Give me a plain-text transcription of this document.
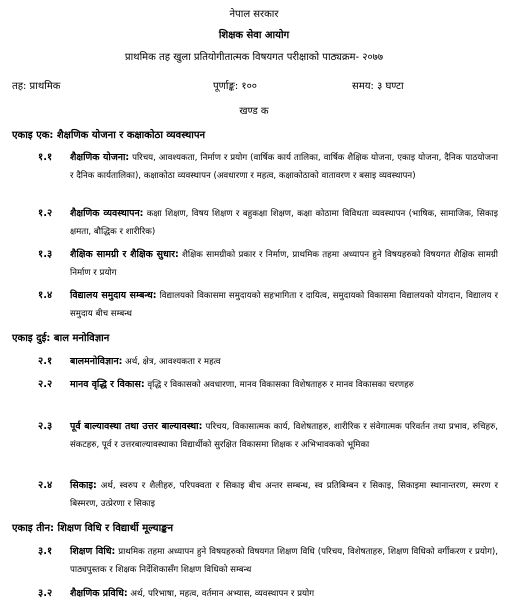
नेपाल सरकार
शिक्षक सेवा आयोग
प्राथमिक तह खुला प्रतियोगीतात्मक विषयगत परीक्षाको पाठ्यक्रम- २०७७
तह: प्राथमिक	पूर्णाङ्क: १००	समय: ३ घण्टा
खण्ड क
एकाइ एक: शैक्षणिक योजना र कक्षाकोठा व्यवस्थापन
१.१ शैक्षणिक योजना: परिचय, आवश्यकता, निर्माण र प्रयोग (वार्षिक कार्य तालिका, वार्षिक शैक्षिक योजना, एकाइ योजना, दैनिक पाठयोजना र दैनिक कार्यतालिका), कक्षाकोठा व्यवस्थापन (अवधारणा र महत्व, कक्षाकोठाको वातावरण र बसाइ व्यवस्थापन)
१.२ शैक्षणिक व्यवस्थापन: कक्षा शिक्षण, विषय शिक्षण र बहुकक्षा शिक्षण, कक्षा कोठामा विविधता व्यवस्थापन (भाषिक, सामाजिक, सिकाइ क्षमता, बौद्धिक र शारीरिक)
१.३ शैक्षिक सामग्री र शैक्षिक सुधार: शैक्षिक सामग्रीको प्रकार र निर्माण, प्राथमिक तहमा अध्यापन हुने विषयहरुको विषयगत शैक्षिक सामग्री निर्माण र प्रयोग
१.४ विद्यालय समुदाय सम्बन्ध: विद्यालयको विकासमा समुदायको सहभागिता र दायित्व, समुदायको विकासमा विद्यालयको योगदान, विद्यालय र समुदाय बीच सम्बन्ध
एकाइ दुई: बाल मनोविज्ञान
२.१ बालमनोविज्ञान: अर्थ, क्षेत्र, आवश्यकता र महत्व
२.२ मानव वृद्धि र विकास: वृद्धि र विकासको अवधारणा, मानव विकासका विशेषताहरु र मानव विकासका चरणहरु
२.३ पूर्व बाल्यावस्था तथा उत्तर बाल्यावस्था: परिचय, विकासात्मक कार्य, विशेषताहरु, शारीरिक र संवेगात्मक परिवर्तन तथा प्रभाव, रुचिहरु, संकटहरु, पूर्व र उत्तरबाल्यावस्थाका विद्यार्थीको सुरक्षित विकासमा शिक्षक र अभिभावकको भूमिका
२.४ सिकाइ: अर्थ, स्वरुप र शैलीहरु, परिपक्वता र सिकाइ बीच अन्तर सम्बन्ध, स्व प्रतिबिम्बन र सिकाइ, सिकाइमा स्थानान्तरण, स्मरण र बिस्मरण, उत्प्रेरणा र सिकाइ
एकाइ तीन: शिक्षण विधि र विद्यार्थी मूल्याङ्कन
३.१ शिक्षण विधि: प्राथमिक तहमा अध्यापन हुने विषयहरुको विषयगत शिक्षण विधि (परिचय, विशेषताहरु, शिक्षण विधिको वर्गीकरण र प्रयोग), पाठ्यपुस्तक र शिक्षक निर्देशिकासँग शिक्षण विधिको सम्बन्ध
३.२ शैक्षणिक प्रविधि: अर्थ, परिभाषा, महत्व, वर्तमान अभ्यास, व्यवस्थापन र प्रयोग
